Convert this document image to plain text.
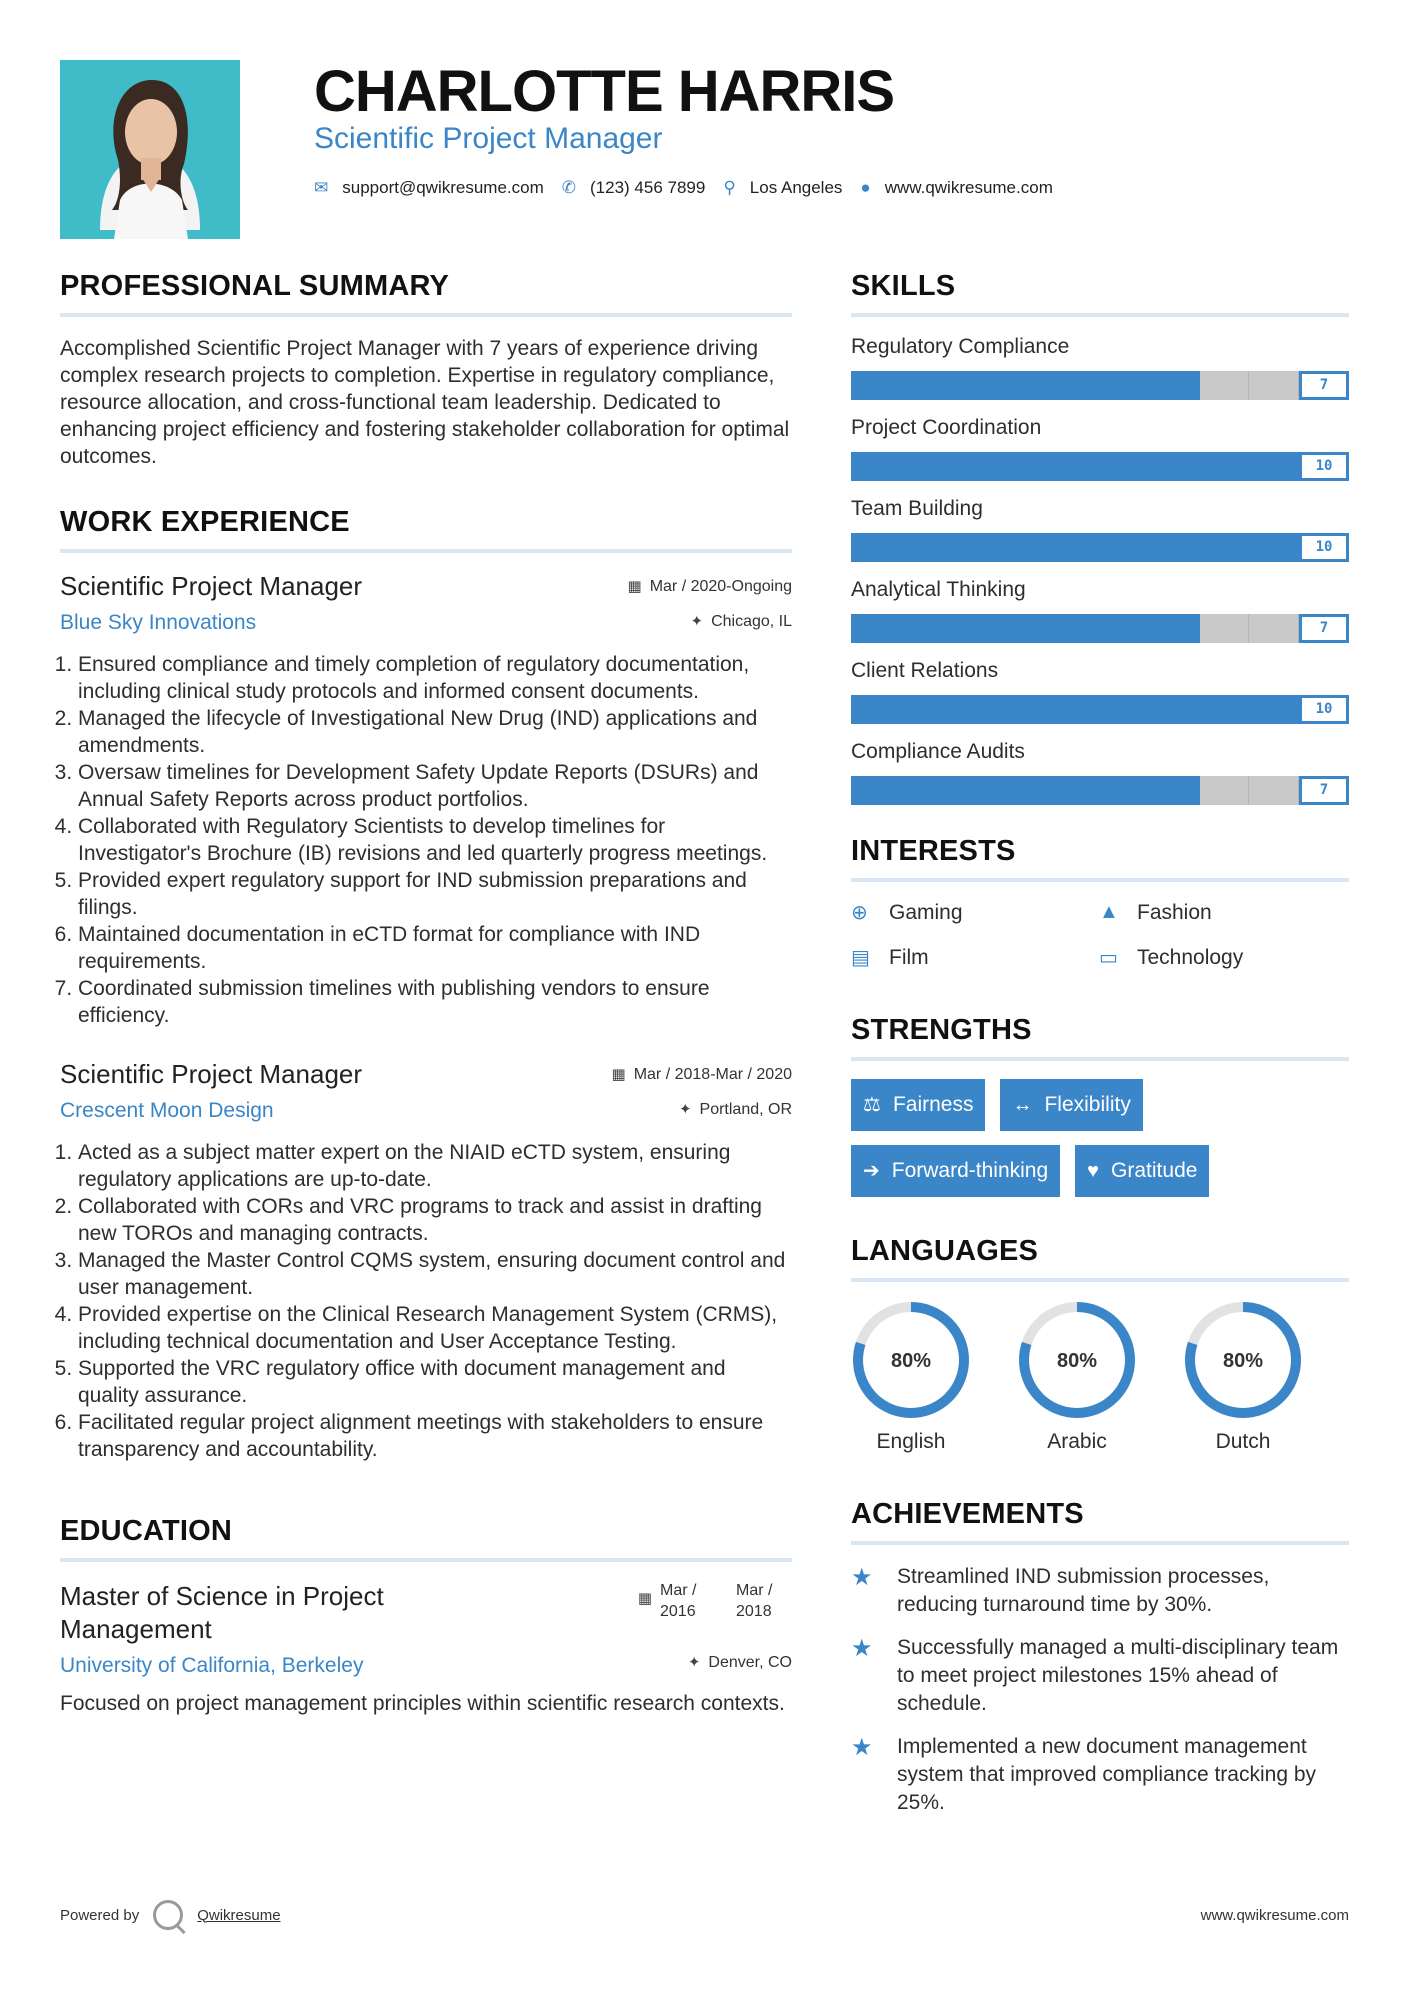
CHARLOTTE HARRIS
Scientific Project Manager
✉ support@qwikresume.com ✆ (123) 456 7899 ⚲ Los Angeles ● www.qwikresume.com
PROFESSIONAL SUMMARY

Accomplished Scientific Project Manager with 7 years of experience driving complex research projects to completion. Expertise in regulatory compliance, resource allocation, and cross-functional team leadership. Dedicated to enhancing project efficiency and fostering stakeholder collaboration for optimal outcomes.

WORK EXPERIENCE
Scientific Project Manager
Blue Sky Innovations
▦ Mar / 2020-Ongoing
✦ Chicago, IL
1. Ensured compliance and timely completion of regulatory documentation, including clinical study protocols and informed consent documents.
2. Managed the lifecycle of Investigational New Drug (IND) applications and amendments.
3. Oversaw timelines for Development Safety Update Reports (DSURs) and Annual Safety Reports across product portfolios.
4. Collaborated with Regulatory Scientists to develop timelines for Investigator's Brochure (IB) revisions and led quarterly progress meetings.
5. Provided expert regulatory support for IND submission preparations and filings.
6. Maintained documentation in eCTD format for compliance with IND requirements.
7. Coordinated submission timelines with publishing vendors to ensure efficiency.
Scientific Project Manager
Crescent Moon Design
▦ Mar / 2018-Mar / 2020
✦ Portland, OR
1. Acted as a subject matter expert on the NIAID eCTD system, ensuring regulatory applications are up-to-date.
2. Collaborated with CORs and VRC programs to track and assist in drafting new TOROs and managing contracts.
3. Managed the Master Control CQMS system, ensuring document control and user management.
4. Provided expertise on the Clinical Research Management System (CRMS), including technical documentation and User Acceptance Testing.
5. Supported the VRC regulatory office with document management and quality assurance.
6. Facilitated regular project alignment meetings with stakeholders to ensure transparency and accountability.
EDUCATION
Master of Science in Project Management
▦ Mar / 2016
Mar / 2018
University of California, Berkeley	✦ Denver, CO

Focused on project management principles within scientific research contexts.

SKILLS
Regulatory Compliance
7
Project Coordination
10
Team Building
10
Analytical Thinking
7
Client Relations
10
Compliance Audits
7
INTERESTS
⊕	Gaming	▲ Fashion
▤ Film	▭ Technology
STRENGTHS
⚖ Fairness ↔ Flexibility
➔ Forward-thinking ♥ Gratitude
LANGUAGES
80%
English
80%
Arabic
80%
Dutch
ACHIEVEMENTS
★	Streamlined IND submission processes, reducing turnaround time by 30%.
★	Successfully managed a multi-disciplinary team to meet project milestones 15% ahead of schedule.
★	Implemented a new document management system that improved compliance tracking by 25%.
Powered by	Qwikresume	www.qwikresume.com
